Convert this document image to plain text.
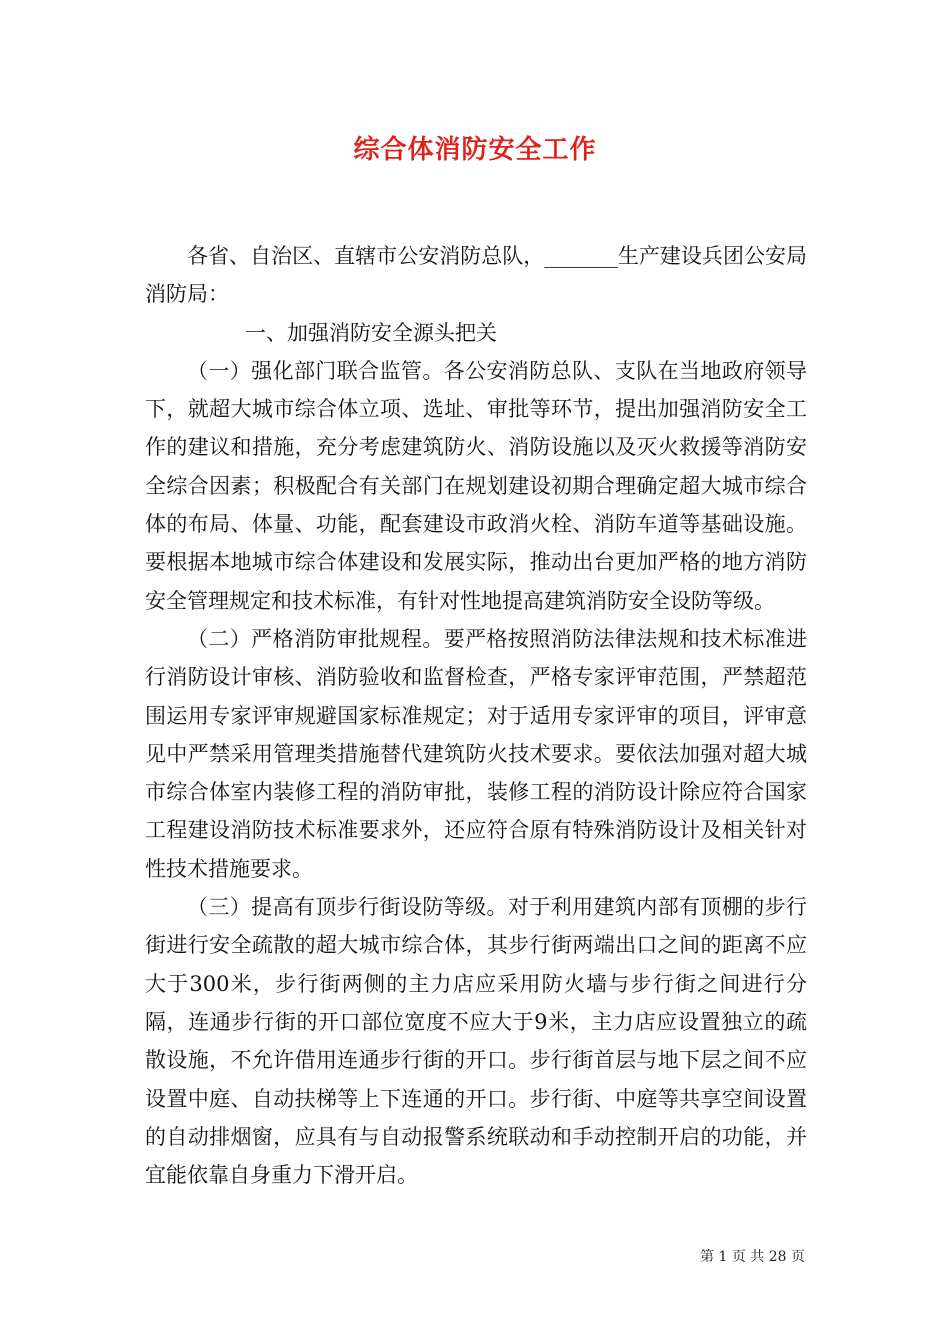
综合体消防安全工作

各省、自治区、直辖市公安消防总队，_______生产建设兵团公安局消防局：

一、加强消防安全源头把关

（一）强化部门联合监管。各公安消防总队、支队在当地政府领导下，就超大城市综合体立项、选址、审批等环节，提出加强消防安全工作的建议和措施，充分考虑建筑防火、消防设施以及灭火救援等消防安全综合因素；积极配合有关部门在规划建设初期合理确定超大城市综合体的布局、体量、功能，配套建设市政消火栓、消防车道等基础设施。要根据本地城市综合体建设和发展实际，推动出台更加严格的地方消防安全管理规定和技术标准，有针对性地提高建筑消防安全设防等级。

（二）严格消防审批规程。要严格按照消防法律法规和技术标准进行消防设计审核、消防验收和监督检查，严格专家评审范围，严禁超范围运用专家评审规避国家标准规定；对于适用专家评审的项目，评审意见中严禁采用管理类措施替代建筑防火技术要求。要依法加强对超大城市综合体室内装修工程的消防审批，装修工程的消防设计除应符合国家工程建设消防技术标准要求外，还应符合原有特殊消防设计及相关针对性技术措施要求。

（三）提高有顶步行街设防等级。对于利用建筑内部有顶棚的步行街进行安全疏散的超大城市综合体，其步行街两端出口之间的距离不应大于300米，步行街两侧的主力店应采用防火墙与步行街之间进行分隔，连通步行街的开口部位宽度不应大于9米，主力店应设置独立的疏散设施，不允许借用连通步行街的开口。步行街首层与地下层之间不应设置中庭、自动扶梯等上下连通的开口。步行街、中庭等共享空间设置的自动排烟窗，应具有与自动报警系统联动和手动控制开启的功能，并宜能依靠自身重力下滑开启。

第 1 页 共 28 页
